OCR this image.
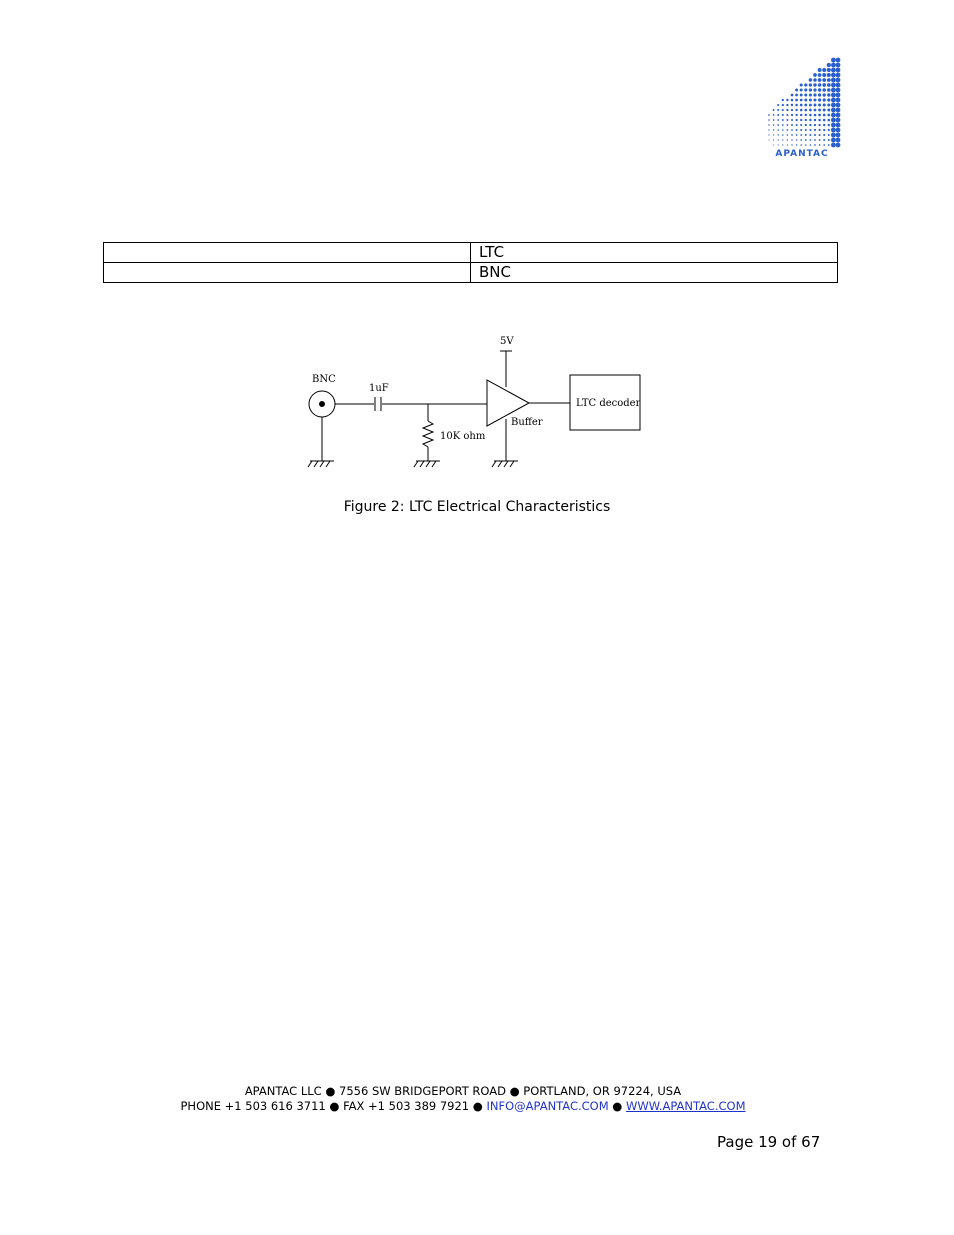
APANTAC
	LTC
	BNC
BNC
1uF
5V
10K ohm
Buffer
LTC decoder
Figure 2: LTC Electrical Characteristics
APANTAC LLC ● 7556 SW BRIDGEPORT ROAD ● PORTLAND, OR 97224, USA
PHONE +1 503 616 3711 ● FAX +1 503 389 7921 ● INFO@APANTAC.COM ● WWW.APANTAC.COM
Page 19 of 67
